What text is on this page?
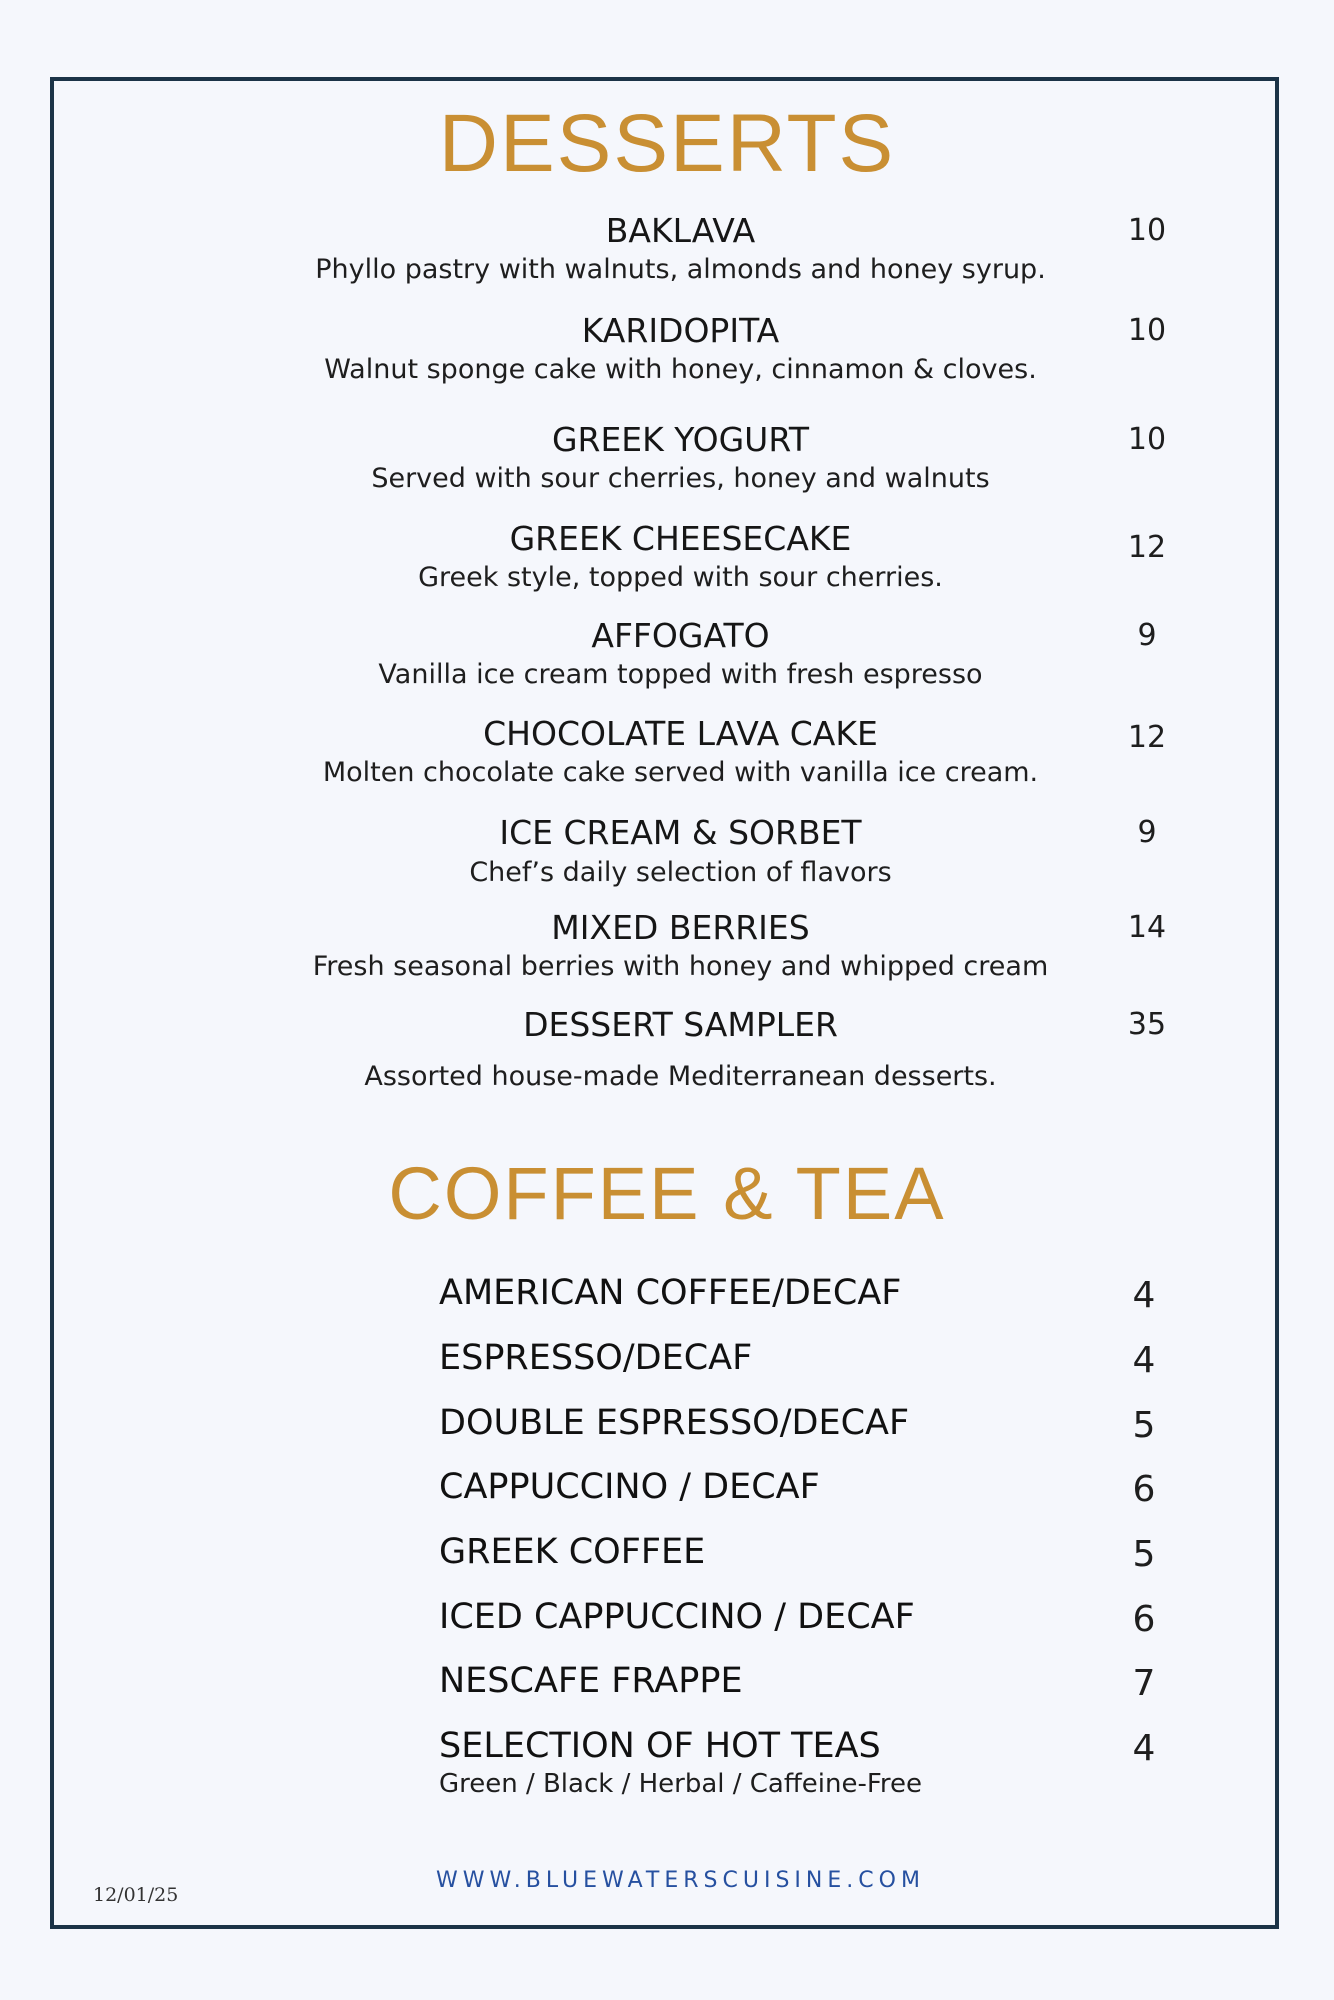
DESSERTS
BAKLAVA
Phyllo pastry with walnuts, almonds and honey syrup.
10
KARIDOPITA
Walnut sponge cake with honey, cinnamon & cloves.
10
GREEK YOGURT
Served with sour cherries, honey and walnuts
10
GREEK CHEESECAKE
Greek style, topped with sour cherries.
12
AFFOGATO
Vanilla ice cream topped with fresh espresso
9
CHOCOLATE LAVA CAKE
Molten chocolate cake served with vanilla ice cream.
12
ICE CREAM & SORBET
Chef’s daily selection of flavors
9
MIXED BERRIES
Fresh seasonal berries with honey and whipped cream
14
DESSERT SAMPLER
Assorted house-made Mediterranean desserts.
35
COFFEE & TEA
AMERICAN COFFEE/DECAF	4
ESPRESSO/DECAF	4
DOUBLE ESPRESSO/DECAF	5
CAPPUCCINO / DECAF	6
GREEK COFFEE	5
ICED CAPPUCCINO / DECAF	6
NESCAFE FRAPPE	7
SELECTION OF HOT TEAS	4
Green / Black / Herbal / Caffeine-Free
12/01/25
WWW.BLUEWATERSCUISINE.COM
